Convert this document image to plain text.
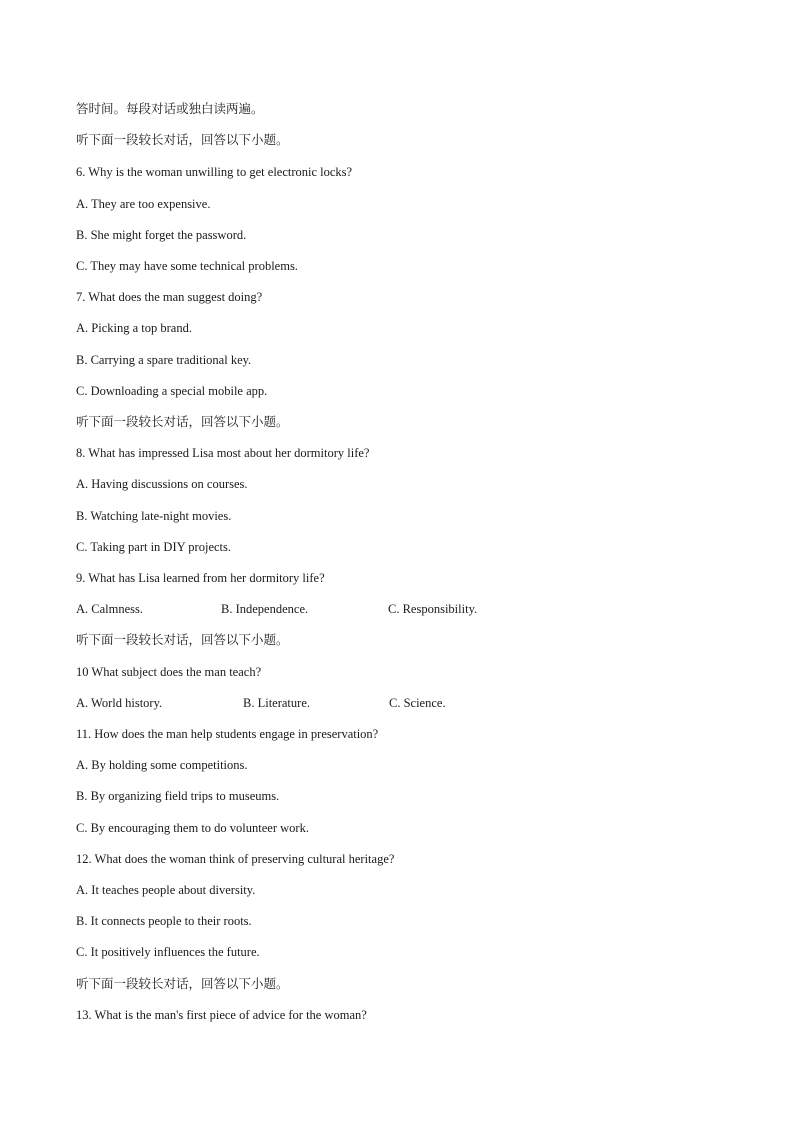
答时间。每段对话或独白读两遍。

听下面一段较长对话，回答以下小题。

6. Why is the woman unwilling to get electronic locks?

A. They are too expensive.

B. She might forget the password.

C. They may have some technical problems.

7. What does the man suggest doing?

A. Picking a top brand.

B. Carrying a spare traditional key.

C. Downloading a special mobile app.

听下面一段较长对话，回答以下小题。

8. What has impressed Lisa most about her dormitory life?

A. Having discussions on courses.

B. Watching late-night movies.

C. Taking part in DIY projects.

9. What has Lisa learned from her dormitory life?

A. Calmness.	B. Independence.	C. Responsibility.

听下面一段较长对话，回答以下小题。

10 What subject does the man teach?

A. World history.	B. Literature.	C. Science.

11. How does the man help students engage in preservation?

A. By holding some competitions.

B. By organizing field trips to museums.

C. By encouraging them to do volunteer work.

12. What does the woman think of preserving cultural heritage?

A. It teaches people about diversity.

B. It connects people to their roots.

C. It positively influences the future.

听下面一段较长对话，回答以下小题。

13. What is the man's first piece of advice for the woman?
